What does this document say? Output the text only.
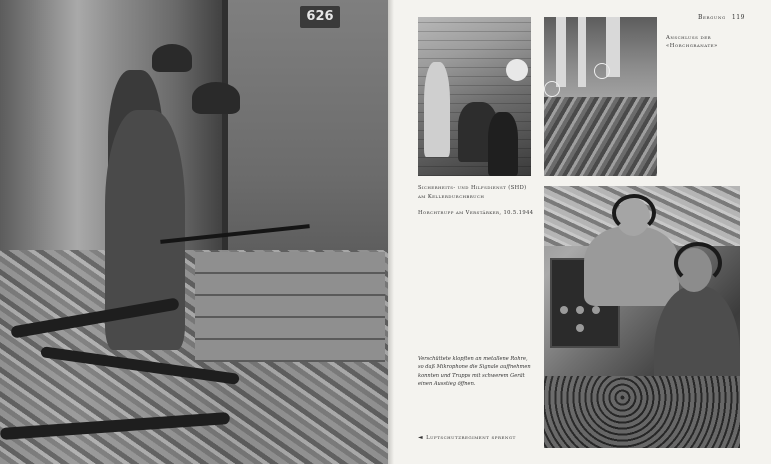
626	Bergung 119
Anschluss der
«Horchgranate»

Sicherheits- und Hilfsdienst (SHD)
am Kellerdurchbruch

Horchtrupp am Verstärker, 10.5.1944

Verschüttete klopften an metallene Rohre,
so daß Mikrophone die Signale auffnehmen
konnten und Trupps mit schwerem Gerät
einen Ausstieg öffnen.
◄ Luftschutzregiment sprengt
